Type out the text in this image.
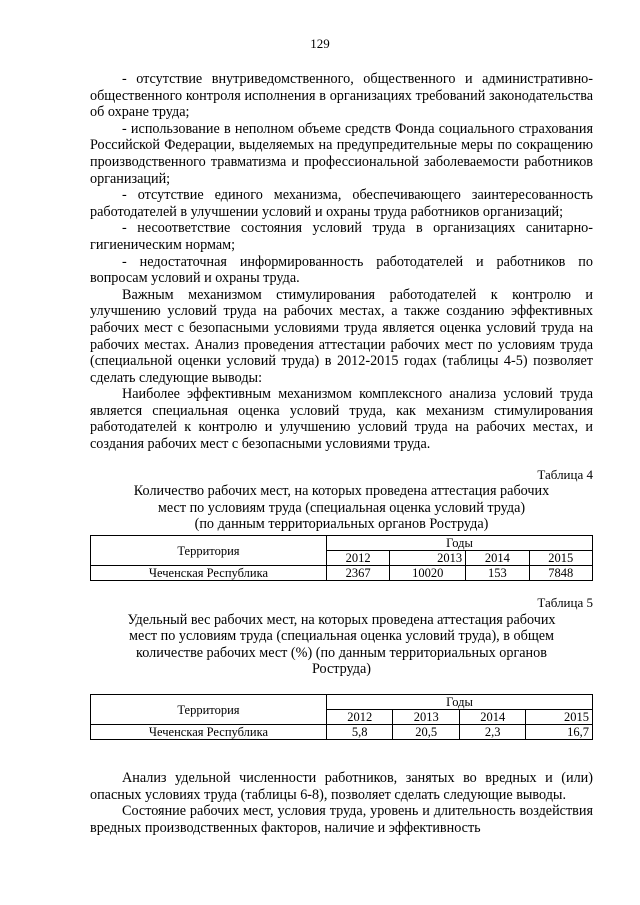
129

- отсутствие внутриведомственного, общественного и административно-общественного контроля исполнения в организациях требований законодательства об охране труда;

- использование в неполном объеме средств Фонда социального страхования Российской Федерации, выделяемых на предупредительные меры по сокращению производственного травматизма и профессиональной заболеваемости работников организаций;

- отсутствие единого механизма, обеспечивающего заинтересованность работодателей в улучшении условий и охраны труда работников организаций;

- несоответствие состояния условий труда в организациях санитарно-гигиеническим нормам;

- недостаточная информированность работодателей и работников по вопросам условий и охраны труда.

Важным механизмом стимулирования работодателей к контролю и улучшению условий труда на рабочих местах, а также созданию эффективных рабочих мест с безопасными условиями труда является оценка условий труда на рабочих местах. Анализ проведения аттестации рабочих мест по условиям труда (специальной оценки условий труда) в 2012-2015 годах (таблицы 4-5) позволяет сделать следующие выводы:

Наиболее эффективным механизмом комплексного анализа условий труда является специальная оценка условий труда, как механизм стимулирования работодателей к контролю и улучшению условий труда на рабочих местах, и создания рабочих мест с безопасными условиями труда.

Таблица 4
Количество рабочих мест, на которых проведена аттестация рабочих
мест по условиям труда (специальная оценка условий труда)
(по данным территориальных органов Роструда)
Территория	Годы			
	2012	2013	2014	2015
Чеченская Республика	2367	10020	153	7848
Таблица 5
Удельный вес рабочих мест, на которых проведена аттестация рабочих
мест по условиям труда (специальная оценка условий труда), в общем
количестве рабочих мест (%) (по данным территориальных органов
Роструда)
Территория	Годы			
	2012	2013	2014	2015
Чеченская Республика	5,8	20,5	2,3	16,7

Анализ удельной численности работников, занятых во вредных и (или) опасных условиях труда (таблицы 6-8), позволяет сделать следующие выводы.

Состояние рабочих мест, условия труда, уровень и длительность воздействия вредных производственных факторов, наличие и эффективность
